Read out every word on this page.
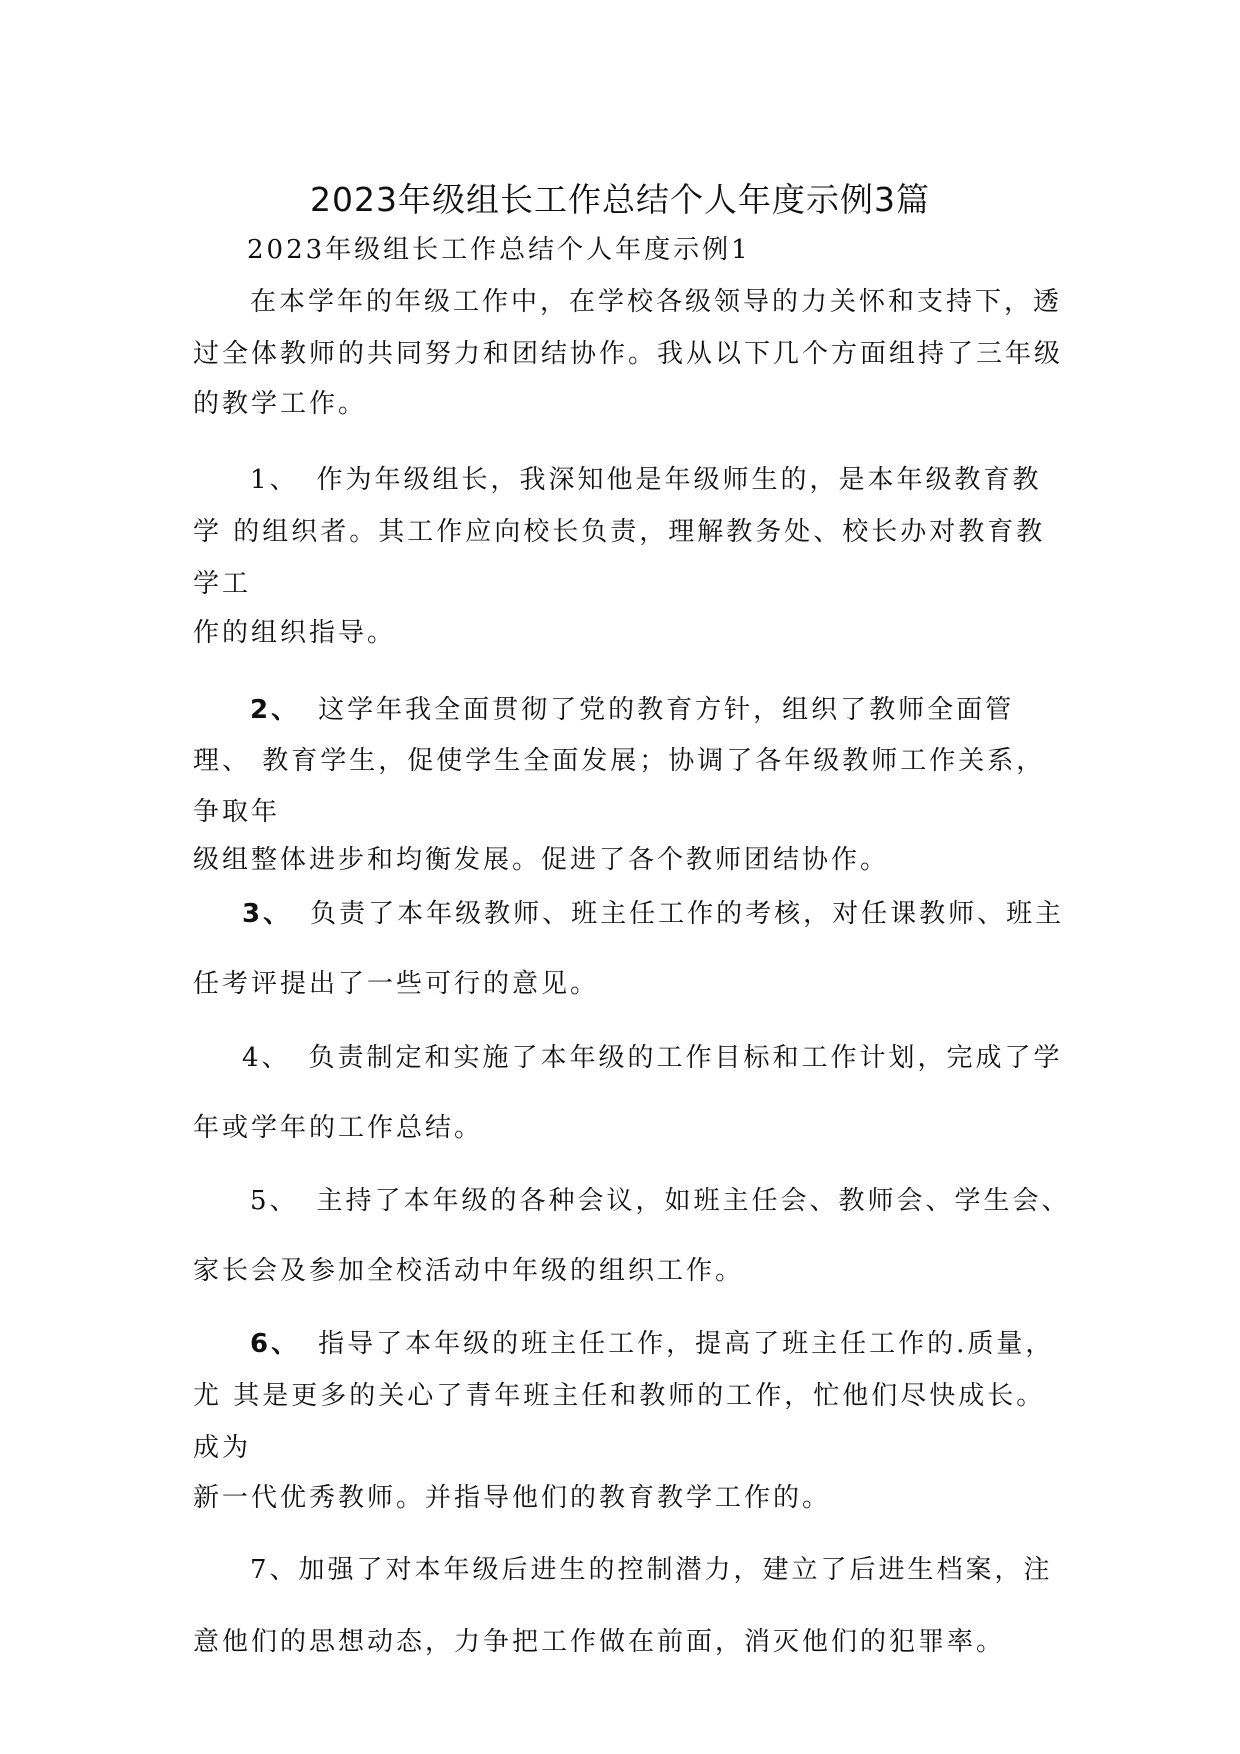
2023年级组长工作总结个人年度示例3篇
2023年级组长工作总结个人年度示例1
在本学年的年级工作中，在学校各级领导的力关怀和支持下，透
过全体教师的共同努力和团结协作。我从以下几个方面组持了三年级
的教学工作。
1、 作为年级组长，我深知他是年级师生的，是本年级教育教
学 的组织者。其工作应向校长负责，理解教务处、校长办对教育教
学工
作的组织指导。
2、 这学年我全面贯彻了党的教育方针，组织了教师全面管
理、 教育学生，促使学生全面发展；协调了各年级教师工作关系，
争取年
级组整体进步和均衡发展。促进了各个教师团结协作。
3、 负责了本年级教师、班主任工作的考核，对任课教师、班主
任考评提出了一些可行的意见。
4、 负责制定和实施了本年级的工作目标和工作计划，完成了学
年或学年的工作总结。
5、 主持了本年级的各种会议，如班主任会、教师会、学生会、
家长会及参加全校活动中年级的组织工作。
6、 指导了本年级的班主任工作，提高了班主任工作的.质量，
尤 其是更多的关心了青年班主任和教师的工作，忙他们尽快成长。
成为
新一代优秀教师。并指导他们的教育教学工作的。
7、加强了对本年级后进生的控制潜力，建立了后进生档案，注
意他们的思想动态，力争把工作做在前面，消灭他们的犯罪率。
